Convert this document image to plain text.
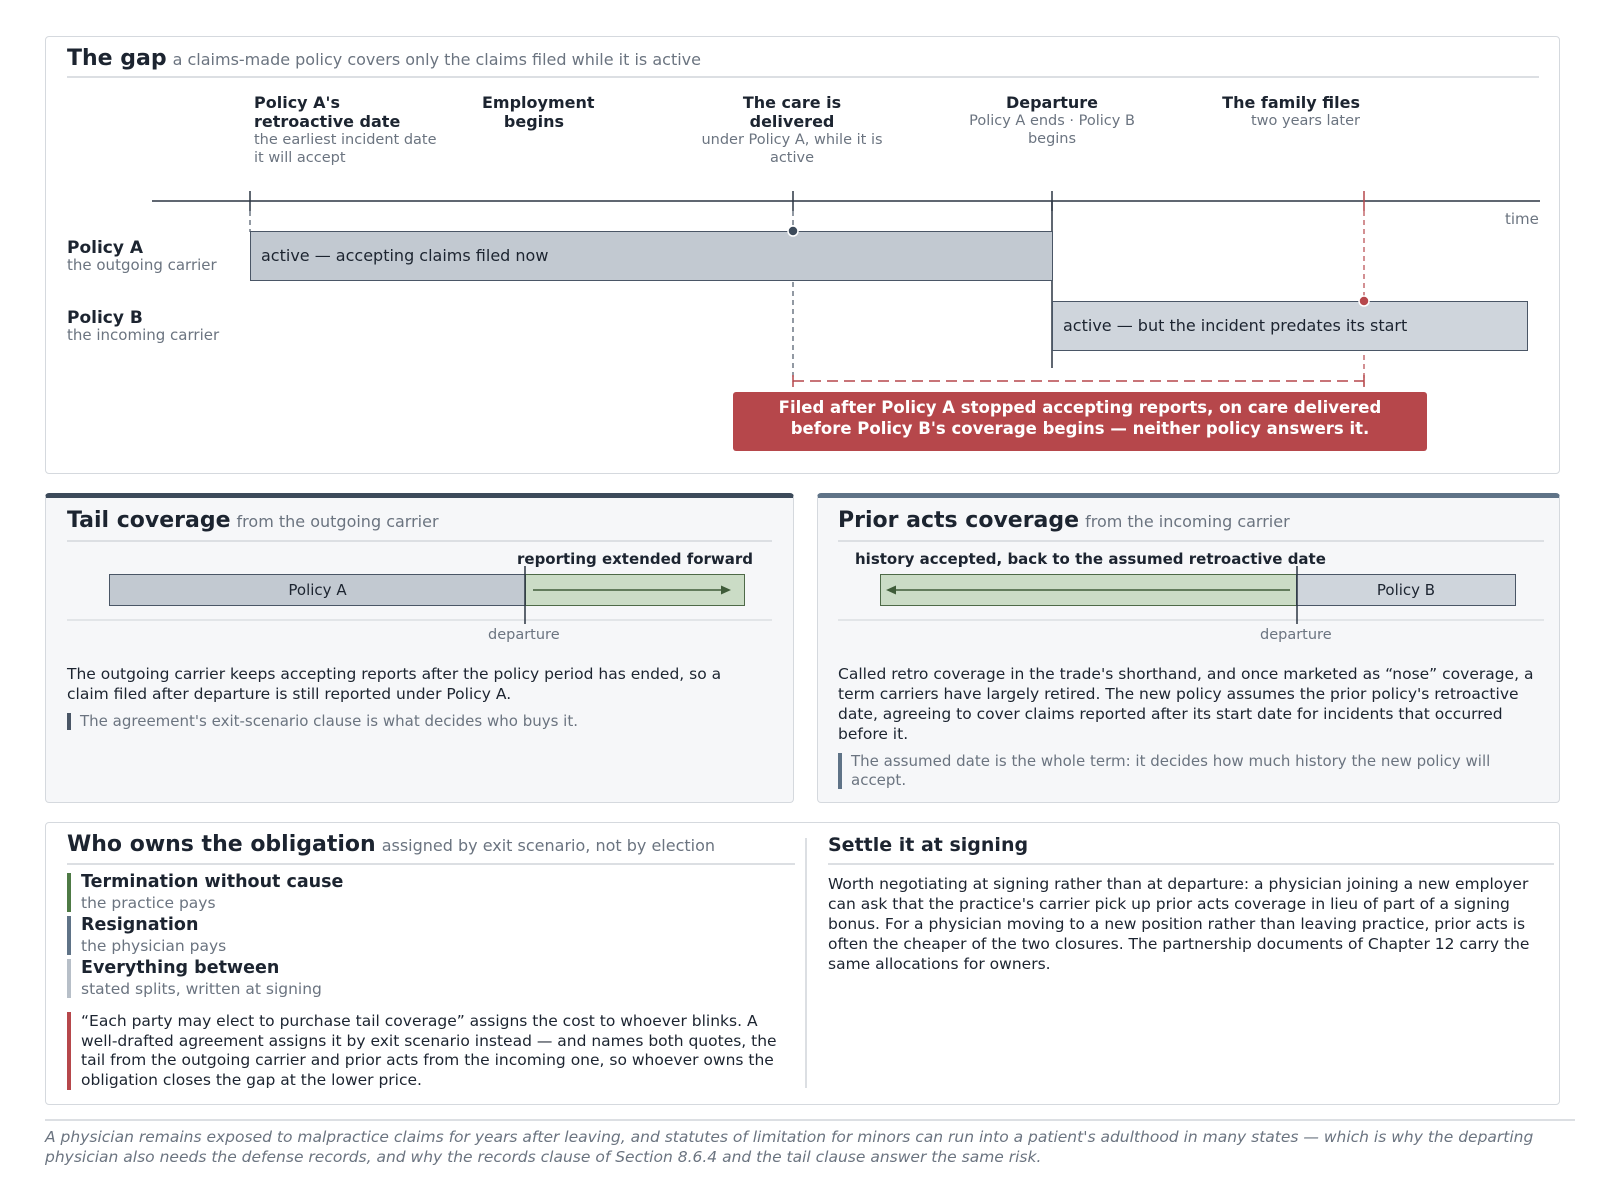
The gap a claims-made policy covers only the claims filed while it is active
Policy A's retroactive date
the earliest incident date it will accept
Employment begins
The care is delivered
under Policy A, while it is active
Departure
Policy A ends · Policy B begins
The family files
two years later
time
Policy A
the outgoing carrier
Policy B
the incoming carrier
active — accepting claims filed now
active — but the incident predates its start
Filed after Policy A stopped accepting reports, on care delivered before Policy B's coverage begins — neither policy answers it.
Tail coverage from the outgoing carrier
reporting extended forward
Policy A
departure
The outgoing carrier keeps accepting reports after the policy period has ended, so a claim filed after departure is still reported under Policy A.
The agreement's exit-scenario clause is what decides who buys it.
Prior acts coverage from the incoming carrier
history accepted, back to the assumed retroactive date
Policy B
departure
Called retro coverage in the trade's shorthand, and once marketed as “nose” coverage, a term carriers have largely retired. The new policy assumes the prior policy's retroactive date, agreeing to cover claims reported after its start date for incidents that occurred before it.
The assumed date is the whole term: it decides how much history the new policy will accept.
Who owns the obligation assigned by exit scenario, not by election
Termination without cause
the practice pays
Resignation
the physician pays
Everything between
stated splits, written at signing
“Each party may elect to purchase tail coverage” assigns the cost to whoever blinks. A well-drafted agreement assigns it by exit scenario instead — and names both quotes, the tail from the outgoing carrier and prior acts from the incoming one, so whoever owns the obligation closes the gap at the lower price.
Settle it at signing
Worth negotiating at signing rather than at departure: a physician joining a new employer can ask that the practice's carrier pick up prior acts coverage in lieu of part of a signing bonus. For a physician moving to a new position rather than leaving practice, prior acts is often the cheaper of the two closures. The partnership documents of Chapter 12 carry the same allocations for owners.
A physician remains exposed to malpractice claims for years after leaving, and statutes of limitation for minors can run into a patient's adulthood in many states — which is why the departing physician also needs the defense records, and why the records clause of Section 8.6.4 and the tail clause answer the same risk.
